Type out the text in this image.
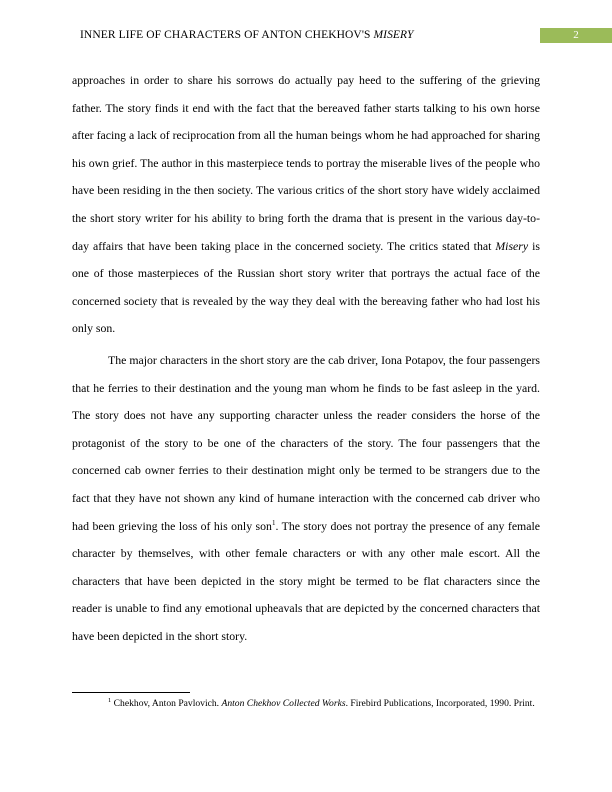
INNER LIFE OF CHARACTERS OF ANTON CHEKHOV'S MISERY	2

approaches in order to share his sorrows do actually pay heed to the suffering of the grieving father. The story finds it end with the fact that the bereaved father starts talking to his own horse after facing a lack of reciprocation from all the human beings whom he had approached for sharing his own grief. The author in this masterpiece tends to portray the miserable lives of the people who have been residing in the then society. The various critics of the short story have widely acclaimed the short story writer for his ability to bring forth the drama that is present in the various day-to-day affairs that have been taking place in the concerned society. The critics stated that Misery is one of those masterpieces of the Russian short story writer that portrays the actual face of the concerned society that is revealed by the way they deal with the bereaving father who had lost his only son.

The major characters in the short story are the cab driver, Iona Potapov, the four passengers that he ferries to their destination and the young man whom he finds to be fast asleep in the yard. The story does not have any supporting character unless the reader considers the horse of the protagonist of the story to be one of the characters of the story. The four passengers that the concerned cab owner ferries to their destination might only be termed to be strangers due to the fact that they have not shown any kind of humane interaction with the concerned cab driver who had been grieving the loss of his only son$^1$. The story does not portray the presence of any female character by themselves, with other female characters or with any other male escort. All the characters that have been depicted in the story might be termed to be flat characters since the reader is unable to find any emotional upheavals that are depicted by the concerned characters that have been depicted in the short story.

$^1$ Chekhov, Anton Pavlovich. Anton Chekhov Collected Works. Firebird Publications, Incorporated, 1990. Print.
